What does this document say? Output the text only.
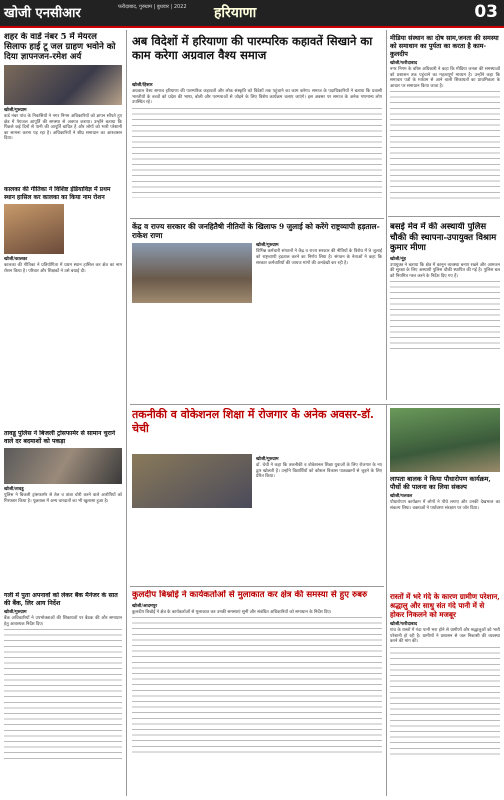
खोजी एनसीआर	फरीदाबाद, गुरुग्राम | बुधवार | 2022 हरियाणा	03
शहर के वार्ड नंबर 5 में मेयरल सिलाफ हाई टू जल ग्राहण भवोने को दिया ज्ञापनजन-रमेश अर्य
खोजी/गुरुग्राम
वार्ड नंबर पांच के निवासियों ने नगर निगम अधिकारियों को ज्ञापन सौंपते हुए क्षेत्र में पेयजल आपूर्ति की समस्या से अवगत कराया। उन्होंने बताया कि पिछले कई दिनों से पानी की आपूर्ति बाधित है और लोगों को भारी परेशानी का सामना करना पड़ रहा है। अधिकारियों ने शीघ्र समाधान का आश्वासन दिया।
कालका की गीतिका ने विशिष्ट इंडियाविज्ञ में प्रथम स्थान हासिल कर कालका का किया नाम रोशन
खोजी/कालका
कालका की गीतिका ने प्रतियोगिता में प्रथम स्थान हासिल कर क्षेत्र का नाम रोशन किया है। परिवार और शिक्षकों ने उसे बधाई दी।
तावडू पुलिस ने बिजली ट्रांसफार्मर से सामान चुराने वाले दर बदमाशों को पकड़ा
खोजी/तावडू
पुलिस ने बिजली ट्रांसफार्मर से तेल व तांबा चोरी करने वाले आरोपियों को गिरफ्तार किया है। पूछताछ में अन्य वारदातों का भी खुलासा हुआ है।
गली में पुता अपनावों को लेकर बैंक मैनेजर के सात की बैंक, लिर आय निर्देश
खोजी/गुरुग्राम
बैंक अधिकारियों ने उपभोक्ताओं की शिकायतों पर बैठक की और समाधान हेतु आवश्यक निर्देश दिए।
अब विदेशों में हरियाणा की पारम्परिक कहावतें सिखाने का काम करेगा अग्रवाल वैश्य समाज
खोजी/हिसार
अग्रवाल वैश्य समाज हरियाणा की पारम्परिक कहावतों और लोक संस्कृति को विदेशों तक पहुंचाने का काम करेगा। समाज के पदाधिकारियों ने बताया कि प्रवासी भारतीयों के बच्चों को प्रदेश की भाषा, बोली और परम्पराओं से जोड़ने के लिए विशेष कार्यक्रम चलाए जाएंगे। इस अवसर पर समाज के अनेक गणमान्य लोग उपस्थित रहे।
मीडिया संस्थान का दोष साम,जनता की समस्या को समाधान का पुर्यता का करता है काम-कुलदीप
खोजी/फरीदाबाद
नगर निगम के वरिष्ठ अधिकारी ने कहा कि मीडिया जनता की समस्याओं को प्रशासन तक पहुंचाने का महत्वपूर्ण माध्यम है। उन्होंने कहा कि समाचार पत्रों के माध्यम से आने वाली शिकायतों का प्राथमिकता के आधार पर समाधान किया जाता है।
केंद्र व राज्य सरकार की जनहितैषी नीतियों के खिलाफ 9 जुलाई को करेंगे राष्ट्रव्यापी हड़ताल-राकेश राणा
खोजी/गुरुग्राम
विभिन्न कर्मचारी संगठनों ने केंद्र व राज्य सरकार की नीतियों के विरोध में 9 जुलाई को राष्ट्रव्यापी हड़ताल करने का निर्णय लिया है। संगठन के नेताओं ने कहा कि सरकार कर्मचारियों की जायज मांगों की अनदेखी कर रही है।
बसई मेव में की अस्थायी पुलिस चौकी की स्थापना-उपायुक्त विश्राम कुमार मीणा
खोजी/नूंह
उपायुक्त ने बताया कि क्षेत्र में कानून व्यवस्था बनाए रखने और आमजन की सुरक्षा के लिए अस्थायी पुलिस चौकी स्थापित की गई है। पुलिस बल को नियमित गश्त करने के निर्देश दिए गए हैं।
तकनीकी व वोकेशनल शिक्षा में रोजगार के अनेक अवसर-डॉ. चेची
खोजी/गुरुग्राम
डॉ. चेची ने कहा कि तकनीकी व वोकेशनल शिक्षा युवाओं के लिए रोजगार के नए द्वार खोलती है। उन्होंने विद्यार्थियों को कौशल विकास पाठ्यक्रमों से जुड़ने के लिए प्रेरित किया।	लापता बालक ने किया पौधारोपण कार्यक्रम, पौधों की पालना का लिया संकल्प
खोजी/पलवल
पौधारोपण कार्यक्रम में लोगों ने पौधे लगाए और उनकी देखभाल का संकल्प लिया। वक्ताओं ने पर्यावरण संरक्षण पर जोर दिया।
कुलदीप बिश्नोई ने कार्यकर्ताओं से मुलाकात कर क्षेत्र की समस्या से हुए रुबरु
खोजी/आदमपुर
कुलदीप बिश्नोई ने क्षेत्र के कार्यकर्ताओं से मुलाकात कर उनकी समस्याएं सुनीं और संबंधित अधिकारियों को समाधान के निर्देश दिए।
रास्तों में भरे गंदे के कारण ग्रामीण परेशान, श्रद्धालु और साधु संत गंदे पानी में से होकर निकलने को मजबूर
खोजी/फरीदाबाद
गांव के रास्तों में गंदा पानी भरा होने से ग्रामीणों और श्रद्धालुओं को भारी परेशानी हो रही है। ग्रामीणों ने प्रशासन से जल निकासी की व्यवस्था करने की मांग की।
